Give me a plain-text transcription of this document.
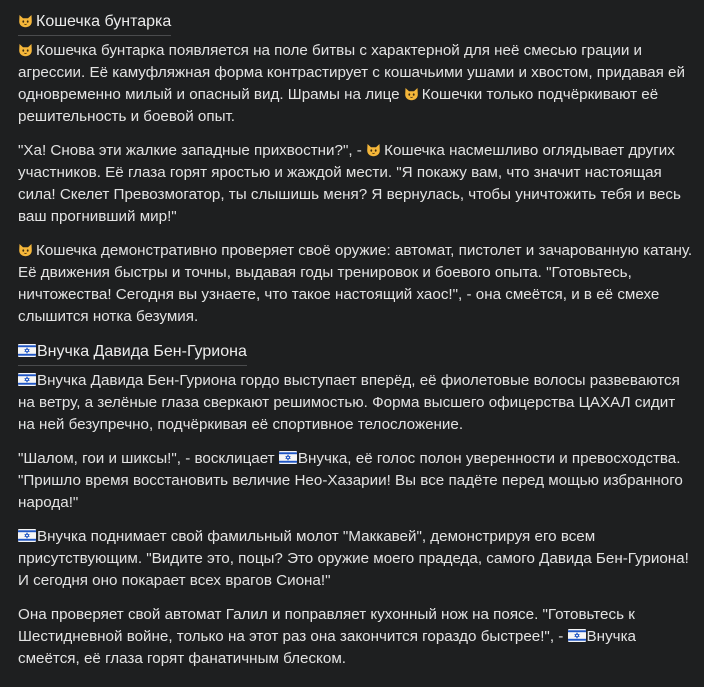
Кошечка бунтарка

Кошечка бунтарка появляется на поле битвы с характерной для неё смесью грации и агрессии. Её камуфляжная форма контрастирует с кошачьими ушами и хвостом, придавая ей одновременно милый и опасный вид. Шрамы на лице
Кошечки только подчёркивают её решительность и боевой опыт.

"Ха! Снова эти жалкие западные прихвостни?", -
Кошечка насмешливо оглядывает других участников. Её глаза горят яростью и жаждой мести. "Я покажу вам, что значит настоящая сила! Скелет Превозмогатор, ты слышишь меня? Я вернулась, чтобы уничтожить тебя и весь ваш прогнивший мир!"

Кошечка демонстративно проверяет своё оружие: автомат, пистолет и зачарованную катану. Её движения быстры и точны, выдавая годы тренировок и боевого опыта. "Готовьтесь, ничтожества! Сегодня вы узнаете, что такое настоящий хаос!", - она смеётся, и в её смехе слышится нотка безумия.

Внучка Давида Бен-Гуриона

Внучка Давида Бен-Гуриона гордо выступает вперёд, её фиолетовые волосы развеваются на ветру, а зелёные глаза сверкают решимостью. Форма высшего офицерства ЦАХАЛ сидит на ней безупречно, подчёркивая её спортивное телосложение.

"Шалом, гои и шиксы!", - восклицает
Внучка, её голос полон уверенности и превосходства. "Пришло время восстановить величие Нео-Хазарии! Вы все падёте перед мощью избранного народа!"

Внучка поднимает свой фамильный молот "Маккавей", демонстрируя его всем присутствующим. "Видите это, поцы? Это оружие моего прадеда, самого Давида Бен-Гуриона! И сегодня оно покарает всех врагов Сиона!"

Она проверяет свой автомат Галил и поправляет кухонный нож на поясе. "Готовьтесь к Шестидневной войне, только на этот раз она закончится гораздо быстрее!", -
Внучка смеётся, её глаза горят фанатичным блеском.
